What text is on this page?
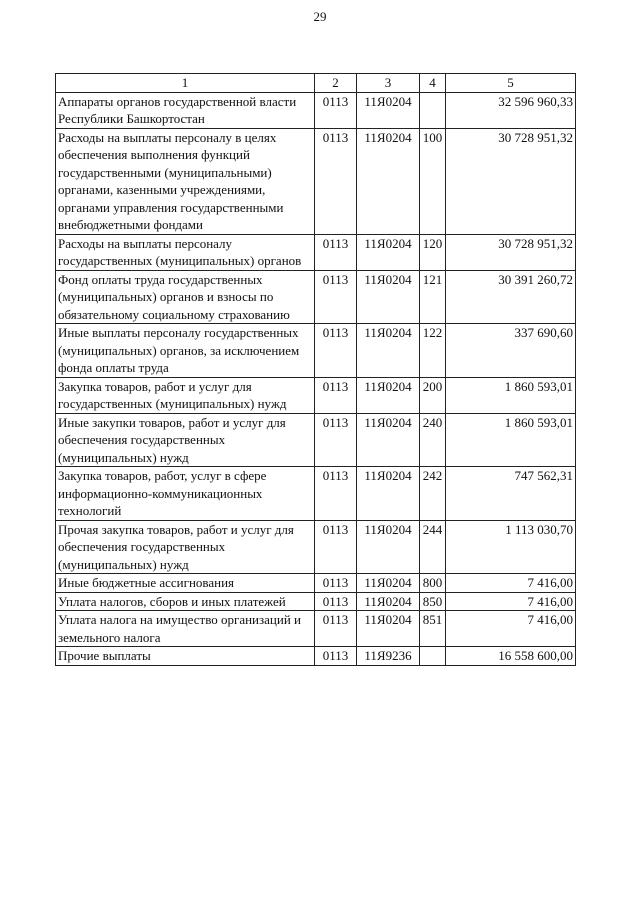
29
1	2	3	4	5
Аппараты органов государственной власти Республики Башкортостан	0113	11Я0204		32 596 960,33
Расходы на выплаты персоналу в целях обеспечения выполнения функций государственными (муниципальными) органами, казенными учреждениями, органами управления государственными внебюджетными фондами	0113	11Я0204	100	30 728 951,32
Расходы на выплаты персоналу государственных (муниципальных) органов	0113	11Я0204	120	30 728 951,32
Фонд оплаты труда государственных (муниципальных) органов и взносы по обязательному социальному страхованию	0113	11Я0204	121	30 391 260,72
Иные выплаты персоналу государственных (муниципальных) органов, за исключением фонда оплаты труда	0113	11Я0204	122	337 690,60
Закупка товаров, работ и услуг для государственных (муниципальных) нужд	0113	11Я0204	200	1 860 593,01
Иные закупки товаров, работ и услуг для обеспечения государственных (муниципальных) нужд	0113	11Я0204	240	1 860 593,01
Закупка товаров, работ, услуг в сфере информационно-коммуникационных технологий	0113	11Я0204	242	747 562,31
Прочая закупка товаров, работ и услуг для обеспечения государственных (муниципальных) нужд	0113	11Я0204	244	1 113 030,70
Иные бюджетные ассигнования	0113	11Я0204	800	7 416,00
Уплата налогов, сборов и иных платежей	0113	11Я0204	850	7 416,00
Уплата налога на имущество организаций и земельного налога	0113	11Я0204	851	7 416,00
Прочие выплаты	0113	11Я9236		16 558 600,00
